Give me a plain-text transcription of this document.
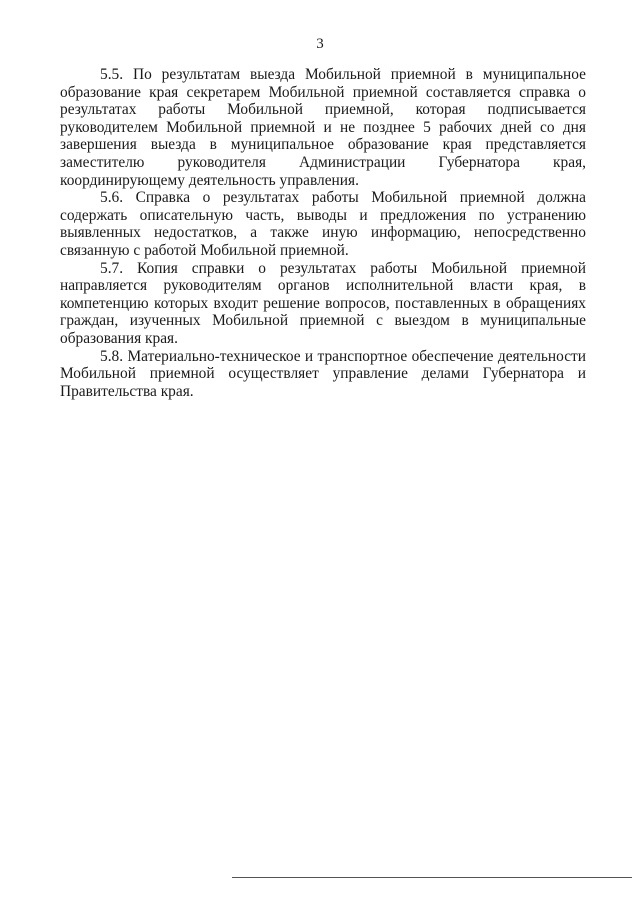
3

5.5. По результатам выезда Мобильной приемной в муниципальное образование края секретарем Мобильной приемной составляется справка о результатах работы Мобильной приемной, которая подписывается руководителем Мобильной приемной и не позднее 5 рабочих дней со дня завершения выезда в муниципальное образование края представляется заместителю руководителя Администрации Губернатора края, координирующему деятельность управления.

5.6. Справка о результатах работы Мобильной приемной должна содержать описательную часть, выводы и предложения по устранению выявленных недостатков, а также иную информацию, непосредственно связанную с работой Мобильной приемной.

5.7. Копия справки о результатах работы Мобильной приемной направляется руководителям органов исполнительной власти края, в компетенцию которых входит решение вопросов, поставленных в обращениях граждан, изученных Мобильной приемной с выездом в муниципальные образования края.

5.8. Материально-техническое и транспортное обеспечение деятельности Мобильной приемной осуществляет управление делами Губернатора и Правительства края.
